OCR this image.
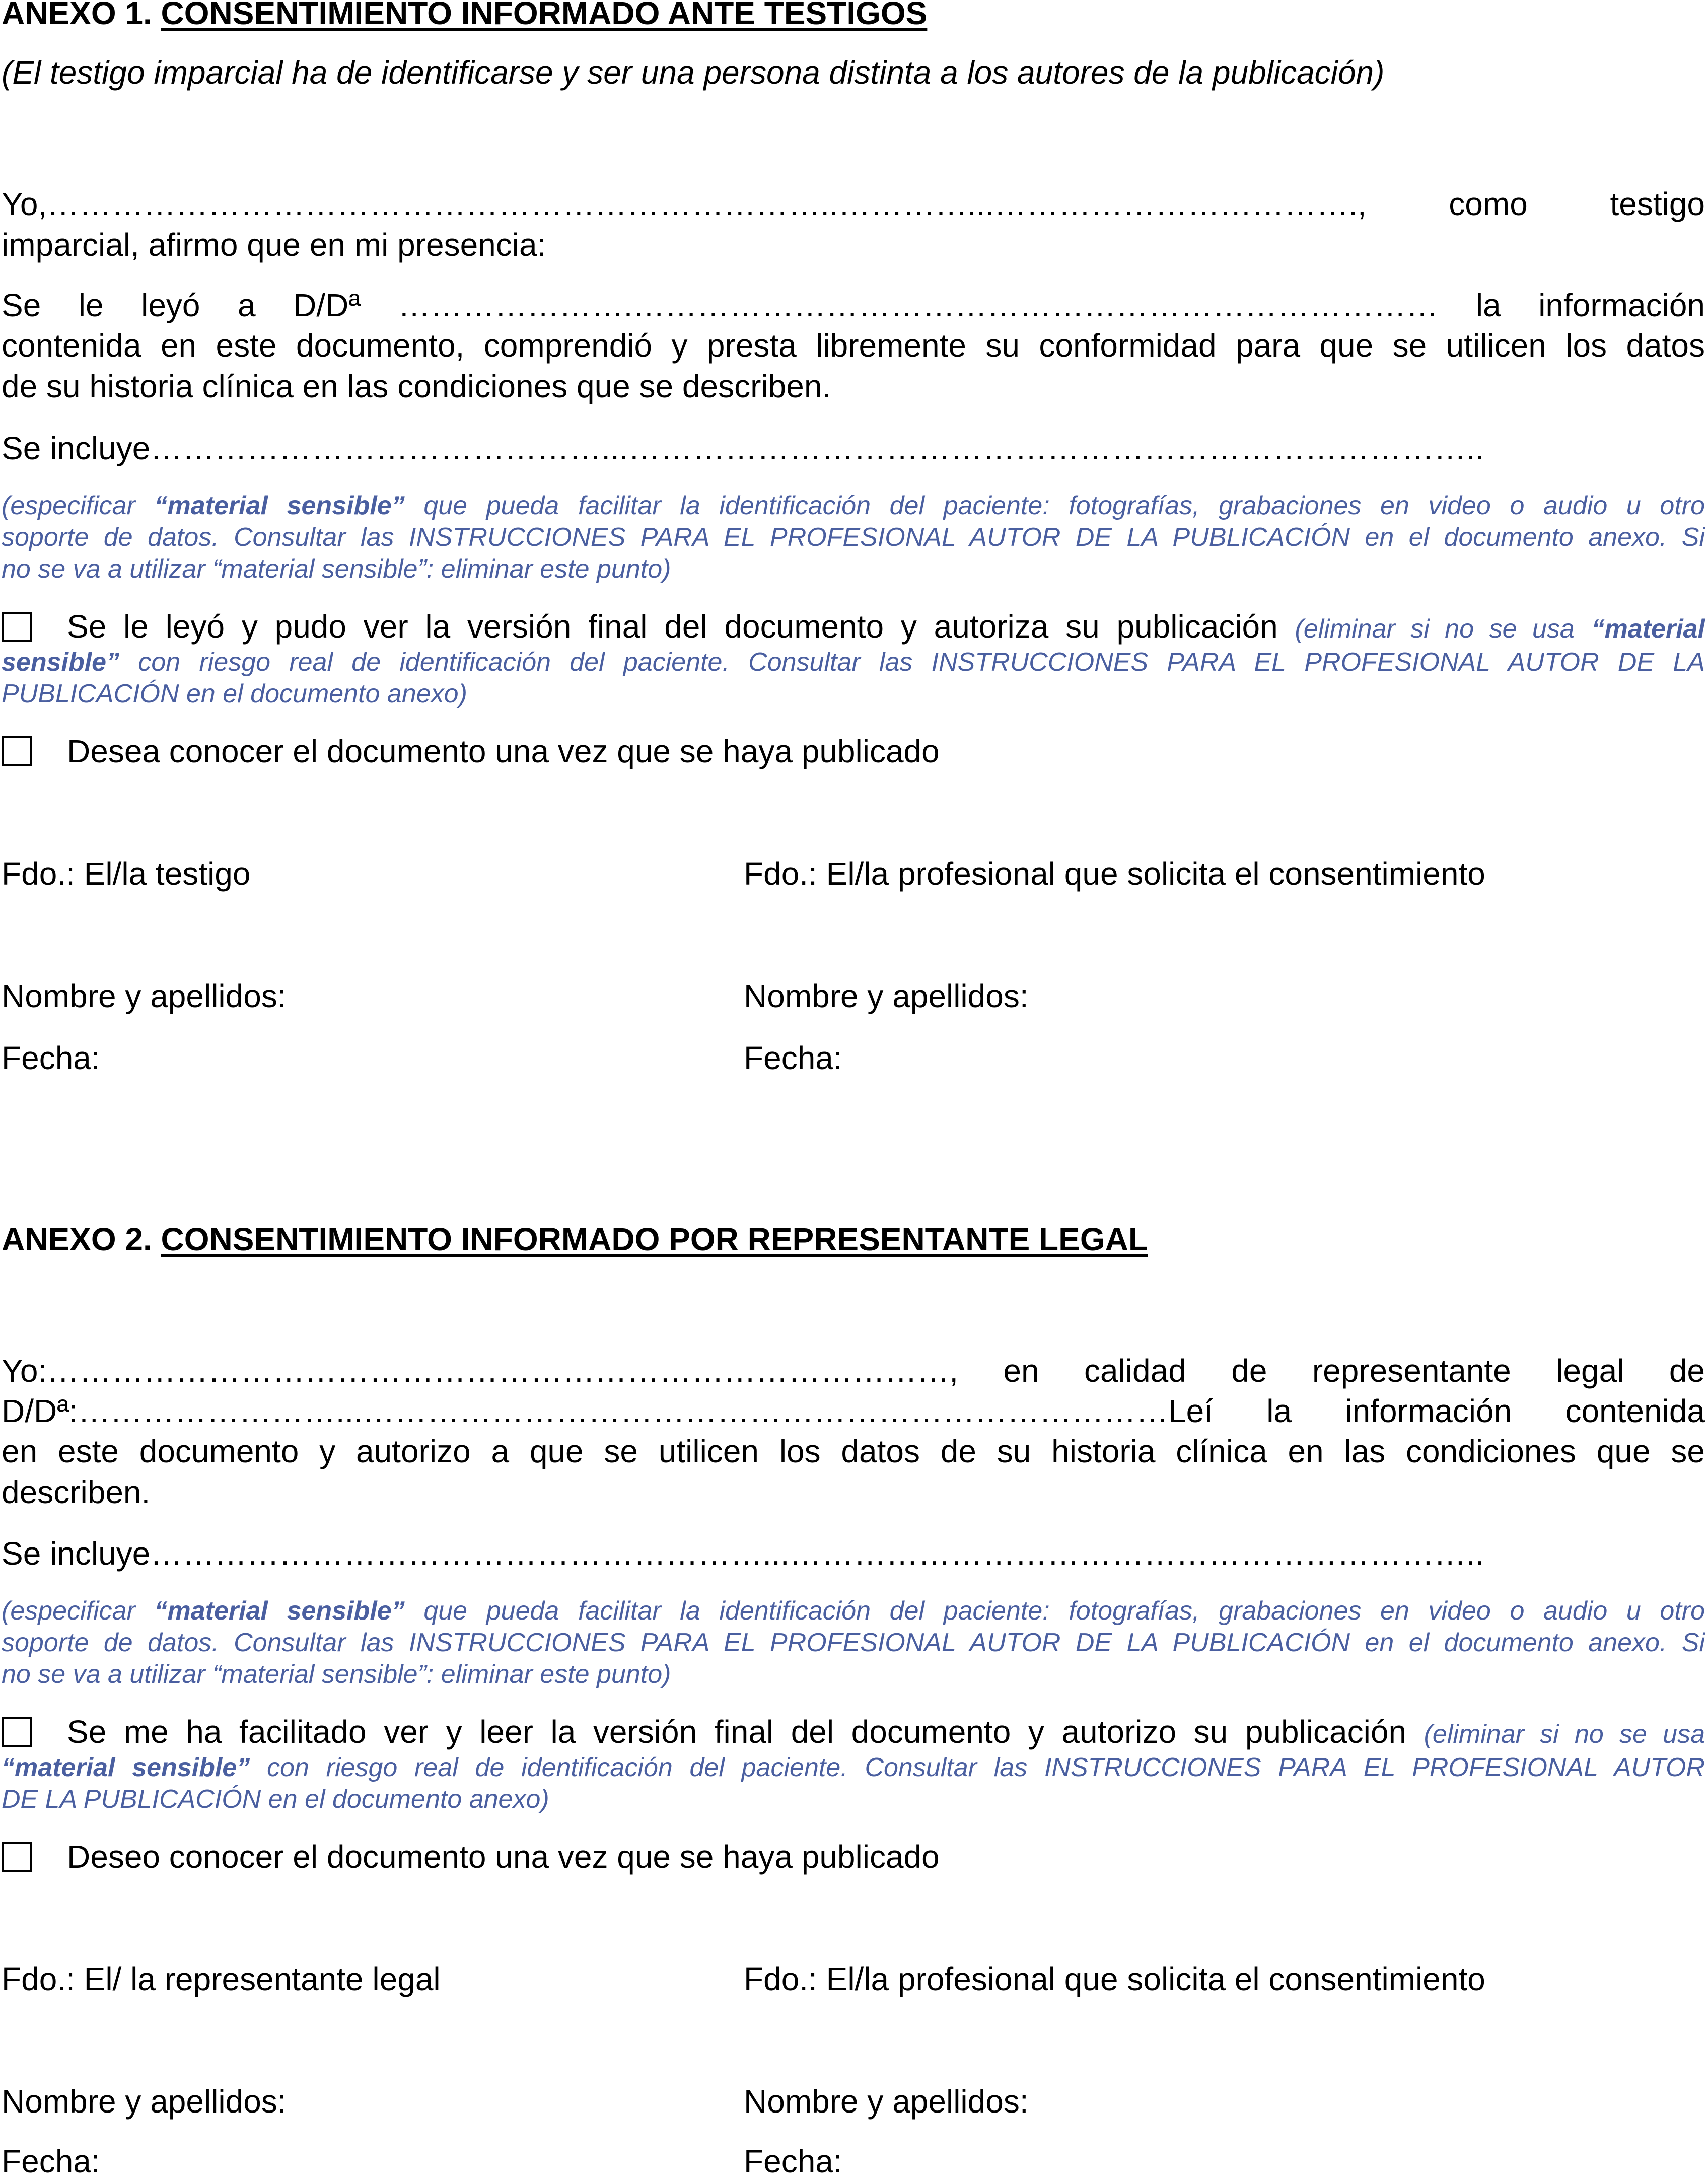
ANEXO 1. CONSENTIMIENTO INFORMADO ANTE TESTIGOS
(El testigo imparcial ha de identificarse y ser una persona distinta a los autores de la publicación)
Yo,………………………………………………………………..…………...…………………………….,	como testigo
imparcial, afirmo que en mi presencia:
Se le leyó a D/Dª ………………….………………………………………………………………… la información
contenida en este documento, comprendió y presta libremente su conformidad para que se utilicen los datos
de su historia clínica en las condiciones que se describen.
Se incluye……………………………………...……………………………………………………………………..
(especificar “material sensible” que pueda facilitar la identificación del paciente: fotografías, grabaciones en video o audio u otro
soporte de datos. Consultar las INSTRUCCIONES PARA EL PROFESIONAL AUTOR DE LA PUBLICACIÓN en el documento anexo. Si
no se va a utilizar “material sensible”: eliminar este punto)
Se le leyó y pudo ver la versión final del documento y autoriza su publicación (eliminar si no se usa “material
sensible” con riesgo real de identificación del paciente. Consultar las INSTRUCCIONES PARA EL PROFESIONAL AUTOR DE LA
PUBLICACIÓN en el documento anexo)
Desea conocer el documento una vez que se haya publicado
Fdo.: El/la testigo	Fdo.: El/la profesional que solicita el consentimiento
Nombre y apellidos:	Nombre y apellidos:
Fecha:	Fecha:
ANEXO 2. CONSENTIMIENTO INFORMADO POR REPRESENTANTE LEGAL
Yo:…………………………………………………………………………, en calidad de representante legal de
D/Dª:……………………...…………………………………………………………………Leí la información contenida
en este documento y autorizo a que se utilicen los datos de su historia clínica en las condiciones que se
describen.
Se incluye…………………………………………………...………………………………………………………..
(especificar “material sensible” que pueda facilitar la identificación del paciente: fotografías, grabaciones en video o audio u otro
soporte de datos. Consultar las INSTRUCCIONES PARA EL PROFESIONAL AUTOR DE LA PUBLICACIÓN en el documento anexo. Si
no se va a utilizar “material sensible”: eliminar este punto)
Se me ha facilitado ver y leer la versión final del documento y autorizo su publicación (eliminar si no se usa
“material sensible” con riesgo real de identificación del paciente. Consultar las INSTRUCCIONES PARA EL PROFESIONAL AUTOR
DE LA PUBLICACIÓN en el documento anexo)
Deseo conocer el documento una vez que se haya publicado
Fdo.: El/ la representante legal	Fdo.: El/la profesional que solicita el consentimiento
Nombre y apellidos:	Nombre y apellidos:
Fecha:	Fecha:
